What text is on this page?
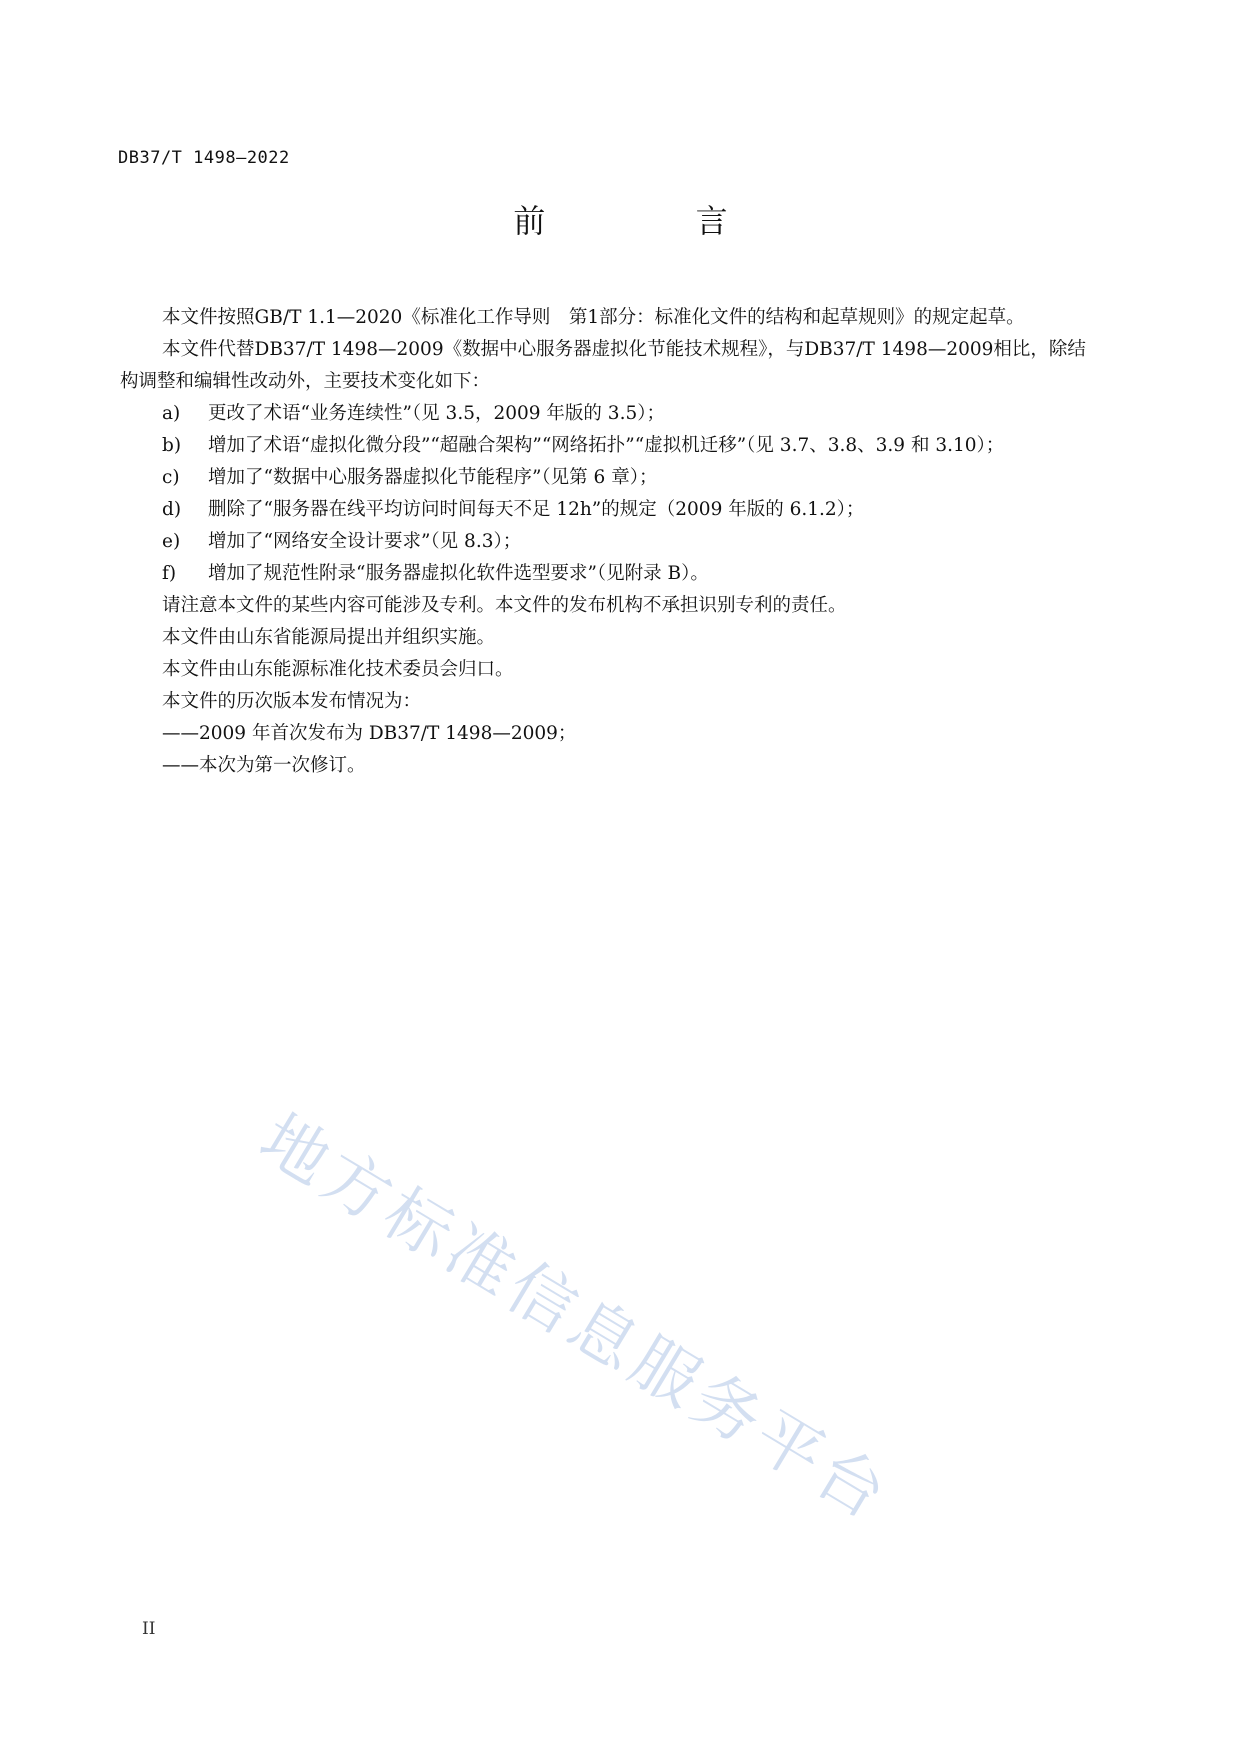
DB37/T 1498—2022
前 言

本文件按照GB/T 1.1—2020《标准化工作导则　第1部分：标准化文件的结构和起草规则》的规定起草。

本文件代替DB37/T 1498—2009《数据中心服务器虚拟化节能技术规程》，与DB37/T 1498—2009相比，除结构调整和编辑性改动外，主要技术变化如下：

a)	更改了术语“业务连续性”（见 3.5，2009 年版的 3.5）；
b)	增加了术语“虚拟化微分段”“超融合架构”“网络拓扑”“虚拟机迁移”（见 3.7、3.8、3.9 和 3.10）；
c)	增加了“数据中心服务器虚拟化节能程序”（见第 6 章）；
d)	删除了“服务器在线平均访问时间每天不足 12h”的规定（2009 年版的 6.1.2）；
e)	增加了“网络安全设计要求”（见 8.3）；
f)	增加了规范性附录“服务器虚拟化软件选型要求”（见附录 B）。

请注意本文件的某些内容可能涉及专利。本文件的发布机构不承担识别专利的责任。

本文件由山东省能源局提出并组织实施。

本文件由山东能源标准化技术委员会归口。

本文件的历次版本发布情况为：

——2009 年首次发布为 DB37/T 1498—2009；

——本次为第一次修订。

地方标准信息服务平台
II
